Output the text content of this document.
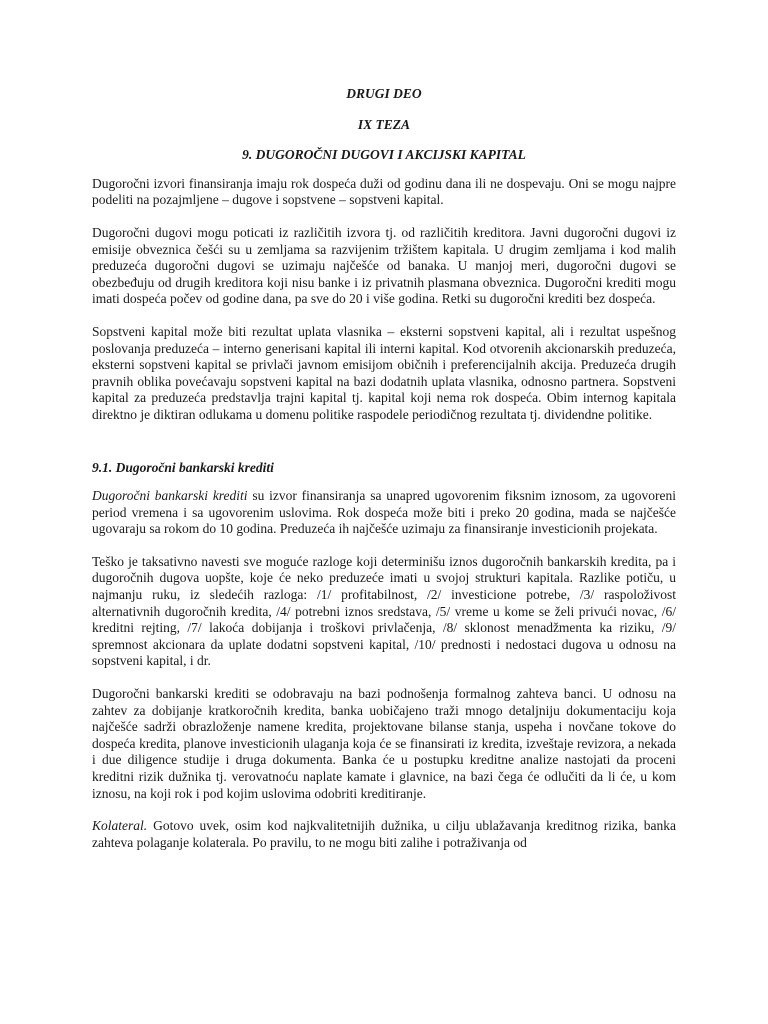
DRUGI DEO

IX TEZA

9. DUGOROČNI DUGOVI I AKCIJSKI KAPITAL

Dugoročni izvori finansiranja imaju rok dospeća duži od godinu dana ili ne dospevaju. Oni se mogu najpre podeliti na pozajmljene – dugove i sopstvene – sopstveni kapital.

Dugoročni dugovi mogu poticati iz različitih izvora tj. od različitih kreditora. Javni dugoročni dugovi iz emisije obveznica češći su u zemljama sa razvijenim tržištem kapitala. U drugim zemljama i kod malih preduzeća dugoročni dugovi se uzimaju najčešće od banaka. U manjoj meri, dugoročni dugovi se obezbeđuju od drugih kreditora koji nisu banke i iz privatnih plasmana obveznica. Dugoročni krediti mogu imati dospeća počev od godine dana, pa sve do 20 i više godina. Retki su dugoročni krediti bez dospeća.

Sopstveni kapital može biti rezultat uplata vlasnika – eksterni sopstveni kapital, ali i rezultat uspešnog poslovanja preduzeća – interno generisani kapital ili interni kapital. Kod otvorenih akcionarskih preduzeća, eksterni sopstveni kapital se privlači javnom emisijom običnih i preferencijalnih akcija. Preduzeća drugih pravnih oblika povećavaju sopstveni kapital na bazi dodatnih uplata vlasnika, odnosno partnera. Sopstveni kapital za preduzeća predstavlja trajni kapital tj. kapital koji nema rok dospeća. Obim internog kapitala direktno je diktiran odlukama u domenu politike raspodele periodičnog rezultata tj. dividendne politike.

9.1. Dugoročni bankarski krediti

Dugoročni bankarski krediti su izvor finansiranja sa unapred ugovorenim fiksnim iznosom, za ugovoreni period vremena i sa ugovorenim uslovima. Rok dospeća može biti i preko 20 godina, mada se najčešće ugovaraju sa rokom do 10 godina. Preduzeća ih najčešće uzimaju za finansiranje investicionih projekata.

Teško je taksativno navesti sve moguće razloge koji determinišu iznos dugoročnih bankarskih kredita, pa i dugoročnih dugova uopšte, koje će neko preduzeće imati u svojoj strukturi kapitala. Razlike potiču, u najmanju ruku, iz sledećih razloga: /1/ profitabilnost, /2/ investicione potrebe, /3/ raspoloživost alternativnih dugoročnih kredita, /4/ potrebni iznos sredstava, /5/ vreme u kome se želi privući novac, /6/ kreditni rejting, /7/ lakoća dobijanja i troškovi privlačenja, /8/ sklonost menadžmenta ka riziku, /9/ spremnost akcionara da uplate dodatni sopstveni kapital, /10/ prednosti i nedostaci dugova u odnosu na sopstveni kapital, i dr.

Dugoročni bankarski krediti se odobravaju na bazi podnošenja formalnog zahteva banci. U odnosu na zahtev za dobijanje kratkoročnih kredita, banka uobičajeno traži mnogo detaljniju dokumentaciju koja najčešće sadrži obrazloženje namene kredita, projektovane bilanse stanja, uspeha i novčane tokove do dospeća kredita, planove investicionih ulaganja koja će se finansirati iz kredita, izveštaje revizora, a nekada i due diligence studije i druga dokumenta. Banka će u postupku kreditne analize nastojati da proceni kreditni rizik dužnika tj. verovatnoću naplate kamate i glavnice, na bazi čega će odlučiti da li će, u kom iznosu, na koji rok i pod kojim uslovima odobriti kreditiranje.

Kolateral. Gotovo uvek, osim kod najkvalitetnijih dužnika, u cilju ublažavanja kreditnog rizika, banka zahteva polaganje kolaterala. Po pravilu, to ne mogu biti zalihe i potraživanja od
